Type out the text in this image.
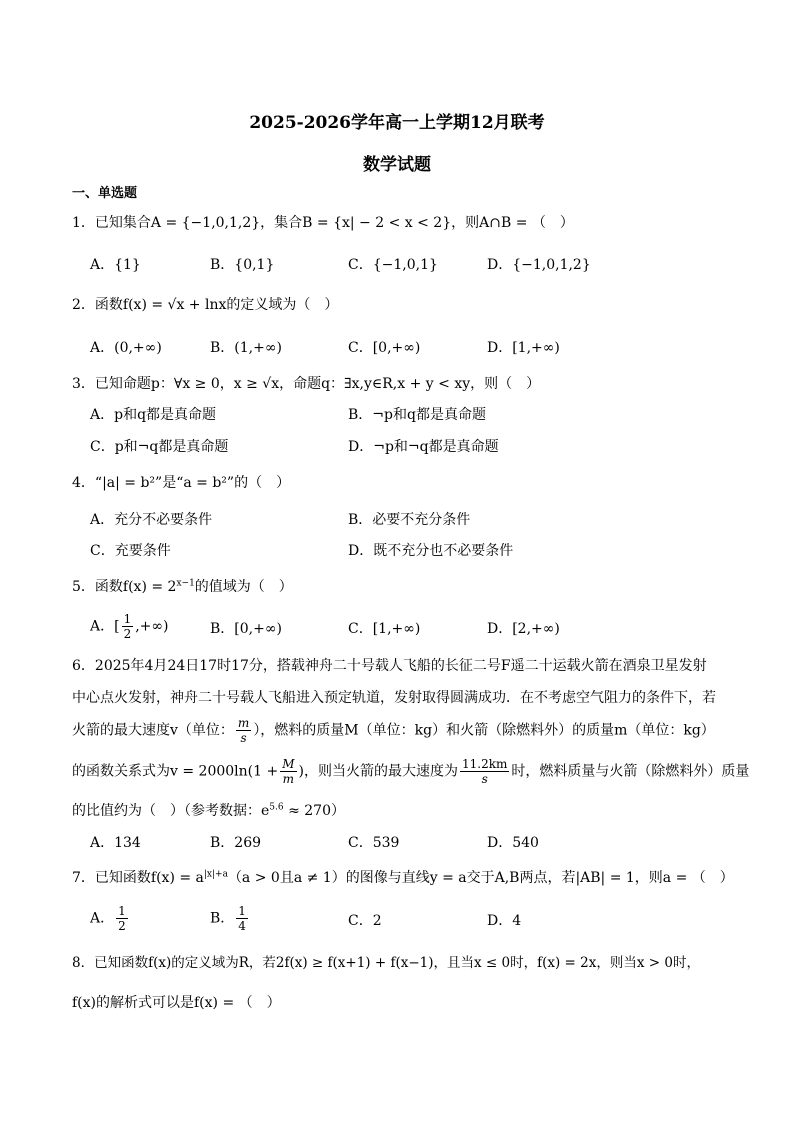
2025-2026学年高一上学期12月联考
数学试题
一、单选题
1．已知集合A = {−1,0,1,2}，集合B = {x| − 2 < x < 2}，则A∩B = （　）
A．{1}	B．{0,1}	C．{−1,0,1}	D．{−1,0,1,2}
2．函数f(x) = √x + lnx的定义域为（　）
A．(0,+∞)	B．(1,+∞)	C．[0,+∞)	D．[1,+∞)
3．已知命题p：∀x ≥ 0，x ≥ √x，命题q：∃x,y∈R,x + y < xy，则（　）
A．p和q都是真命题	B．¬p和q都是真命题
C．p和¬q都是真命题	D．¬p和¬q都是真命题
4．“|a| = b²”是“a = b²”的（　）
A．充分不必要条件	B．必要不充分条件
C．充要条件	D．既不充分也不必要条件
5．函数$f(x) = 2^{x-1}$的值域为（　）
A．[ $\frac{1}{2}$ ,+∞)	B．[0,+∞)	C．[1,+∞)	D．[2,+∞)
6．2025年4月24日17时17分，搭载神舟二十号载人飞船的长征二号F遥二十运载火箭在酒泉卫星发射
中心点火发射，神舟二十号载人飞船进入预定轨道，发射取得圆满成功．在不考虑空气阻力的条件下，若
火箭的最大速度v（单位： $\frac{m}{s}$ ），燃料的质量M（单位：kg）和火箭（除燃料外）的质量m（单位：kg）
的函数关系式为$v = 2000\ln(1 + \frac{M}{m}$ )，则当火箭的最大速度为 $\frac{11.2km}{s}$ 时，燃料质量与火箭（除燃料外）质量
的比值约为（　）（参考数据：$e^{5.6} \approx 270$）
A．134	B．269	C．539	D．540
7．已知函数$f(x) = a^{|x|+a}(a > 0$且a ≠ 1）的图像与直线y = a交于A,B两点，若|AB| = 1，则a = （　）
A． $\frac{1}{2}$	B． $\frac{1}{4}$	C．2	D．4
8．已知函数f(x)的定义域为R，若2f(x) ≥ f(x+1) + f(x−1)，且当x ≤ 0时，f(x) = 2x，则当x > 0时，
f(x)的解析式可以是f(x) = （　）
